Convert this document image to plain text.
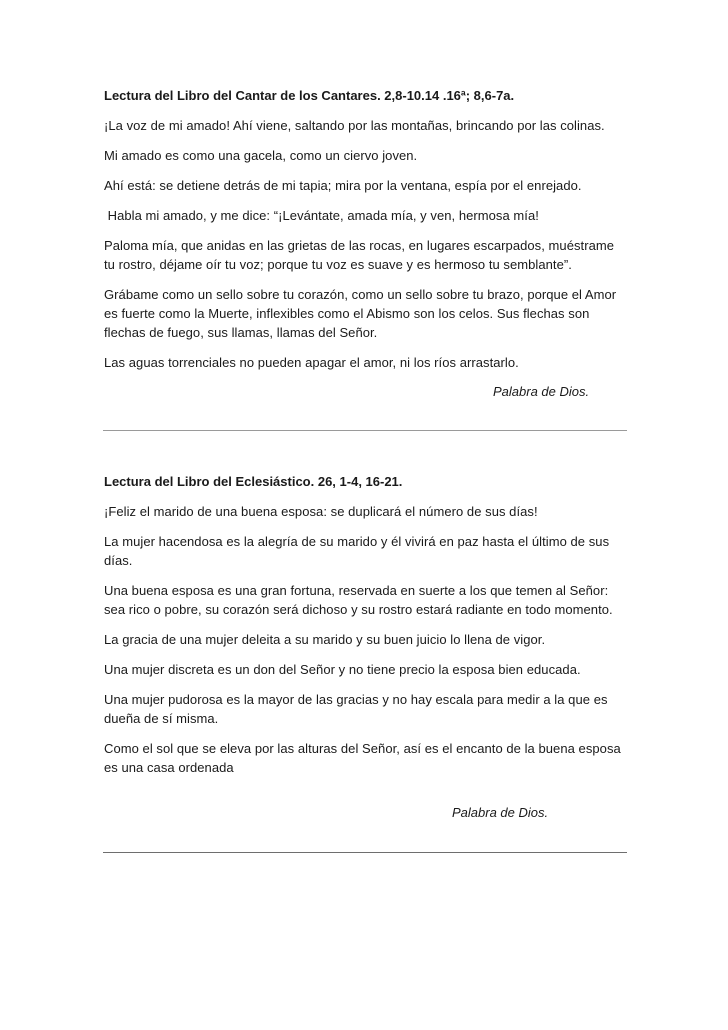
Lectura del Libro del Cantar de los Cantares. 2,8-10.14 .16ª; 8,6-7a.

¡La voz de mi amado! Ahí viene, saltando por las montañas, brincando por las colinas.

Mi amado es como una gacela, como un ciervo joven.

Ahí está: se detiene detrás de mi tapia; mira por la ventana, espía por el enrejado.

Habla mi amado, y me dice: “¡Levántate, amada mía, y ven, hermosa mía!

Paloma mía, que anidas en las grietas de las rocas, en lugares escarpados, muéstrame tu rostro, déjame oír tu voz; porque tu voz es suave y es hermoso tu semblante”.

Grábame como un sello sobre tu corazón, como un sello sobre tu brazo, porque el Amor es fuerte como la Muerte, inflexibles como el Abismo son los celos. Sus flechas son flechas de fuego, sus llamas, llamas del Señor.

Las aguas torrenciales no pueden apagar el amor, ni los ríos arrastarlo.

Palabra de Dios.

Lectura del Libro del Eclesiástico. 26, 1-4, 16-21.

¡Feliz el marido de una buena esposa: se duplicará el número de sus días!

La mujer hacendosa es la alegría de su marido y él vivirá en paz hasta el último de sus días.

Una buena esposa es una gran fortuna, reservada en suerte a los que temen al Señor: sea rico o pobre, su corazón será dichoso y su rostro estará radiante en todo momento.

La gracia de una mujer deleita a su marido y su buen juicio lo llena de vigor.

Una mujer discreta es un don del Señor y no tiene precio la esposa bien educada.

Una mujer pudorosa es la mayor de las gracias y no hay escala para medir a la que es dueña de sí misma.

Como el sol que se eleva por las alturas del Señor, así es el encanto de la buena esposa es una casa ordenada

Palabra de Dios.
